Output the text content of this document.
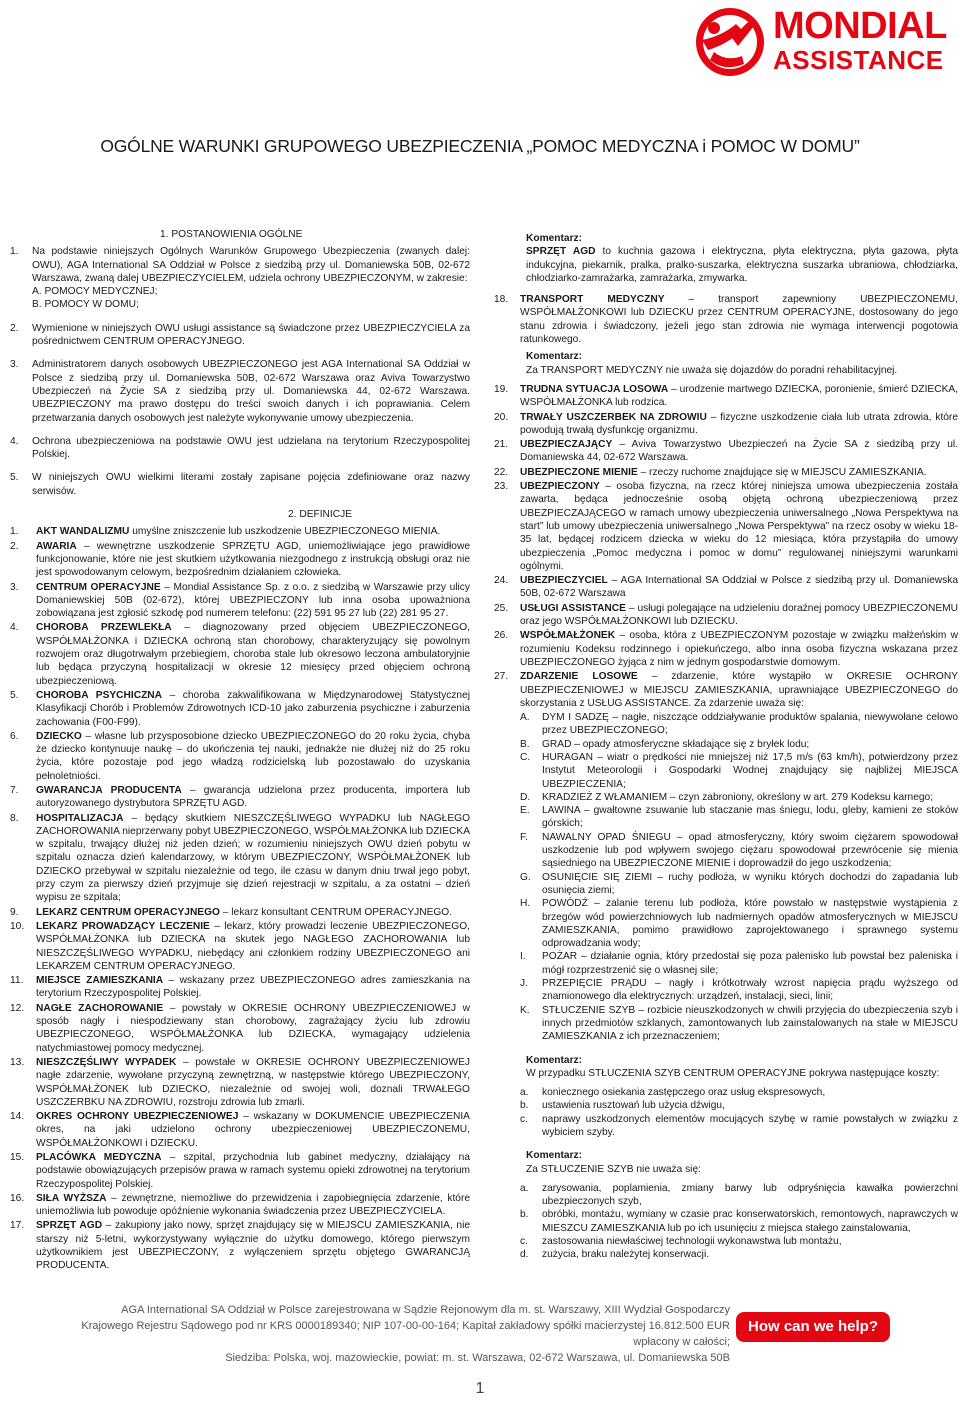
MONDIAL
ASSISTANCE
OGÓLNE WARUNKI GRUPOWEGO UBEZPIECZENIA „POMOC MEDYCZNA i POMOC W DOMU”
1. POSTANOWIENIA OGÓLNE
1.	Na podstawie niniejszych Ogólnych Warunków Grupowego Ubezpieczenia (zwanych dalej: OWU), AGA International SA Oddział w Polsce z siedzibą przy ul. Domaniewska 50B, 02-672 Warszawa, zwaną dalej UBEZPIECZYCIELEM, udziela ochrony UBEZPIECZONYM, w zakresie:
A. POMOCY MEDYCZNEJ;
B. POMOCY W DOMU;
2.	Wymienione w niniejszych OWU usługi assistance są świadczone przez UBEZPIECZYCIELA za pośrednictwem CENTRUM OPERACYJNEGO.
3.	Administratorem danych osobowych UBEZPIECZONEGO jest AGA International SA Oddział w Polsce z siedzibą przy ul. Domaniewska 50B, 02-672 Warszawa oraz Aviva Towarzystwo Ubezpieczeń na Życie SA z siedzibą przy ul. Domaniewska 44, 02-672 Warszawa. UBEZPIECZONY ma prawo dostępu do treści swoich danych i ich poprawiania. Celem przetwarzania danych osobowych jest należyte wykonywanie umowy ubezpieczenia.
4.	Ochrona ubezpieczeniowa na podstawie OWU jest udzielana na terytorium Rzeczypospolitej Polskiej.
5.	W niniejszych OWU wielkimi literami zostały zapisane pojęcia zdefiniowane oraz nazwy serwisów.
2. DEFINICJE
1.	AKT WANDALIZMU umyślne zniszczenie lub uszkodzenie UBEZPIECZONEGO MIENIA.
2.	AWARIA – wewnętrzne uszkodzenie SPRZĘTU AGD, uniemożliwiające jego prawidłowe funkcjonowanie, które nie jest skutkiem użytkowania niezgodnego z instrukcją obsługi oraz nie jest spowodowanym celowym, bezpośrednim działaniem człowieka.
3.	CENTRUM OPERACYJNE – Mondial Assistance Sp. z o.o. z siedzibą w Warszawie przy ulicy Domaniewskiej 50B (02-672), której UBEZPIECZONY lub inna osoba upoważniona zobowiązana jest zgłosić szkodę pod numerem telefonu: (22) 591 95 27 lub (22) 281 95 27.
4.	CHOROBA PRZEWLEKŁA – diagnozowany przed objęciem UBEZPIECZONEGO, WSPÓŁMAŁŻONKA i DZIECKA ochroną stan chorobowy, charakteryzujący się powolnym rozwojem oraz długotrwałym przebiegiem, choroba stale lub okresowo leczona ambulatoryjnie lub będąca przyczyną hospitalizacji w okresie 12 miesięcy przed objęciem ochroną ubezpieczeniową.
5.	CHOROBA PSYCHICZNA – choroba zakwalifikowana w Międzynarodowej Statystycznej Klasyfikacji Chorób i Problemów Zdrowotnych ICD-10 jako zaburzenia psychiczne i zaburzenia zachowania (F00-F99).
6.	DZIECKO – własne lub przysposobione dziecko UBEZPIECZONEGO do 20 roku życia, chyba że dziecko kontynuuje naukę – do ukończenia tej nauki, jednakże nie dłużej niż do 25 roku życia, które pozostaje pod jego władzą rodzicielską lub pozostawało do uzyskania pełnoletniości.
7.	GWARANCJA PRODUCENTA – gwarancja udzielona przez producenta, importera lub autoryzowanego dystrybutora SPRZĘTU AGD.
8.	HOSPITALIZACJA – będący skutkiem NIESZCZĘŚLIWEGO WYPADKU lub NAGŁEGO ZACHOROWANIA nieprzerwany pobyt UBEZPIECZONEGO, WSPÓŁMAŁŻONKA lub DZIECKA w szpitalu, trwający dłużej niż jeden dzień; w rozumieniu niniejszych OWU dzień pobytu w szpitalu oznacza dzień kalendarzowy, w którym UBEZPIECZONY, WSPÓŁMAŁŻONEK lub DZIECKO przebywał w szpitalu niezależnie od tego, ile czasu w danym dniu trwał jego pobyt, przy czym za pierwszy dzień przyjmuje się dzień rejestracji w szpitalu, a za ostatni – dzień wypisu ze szpitala;
9.	LEKARZ CENTRUM OPERACYJNEGO – lekarz konsultant CENTRUM OPERACYJNEGO.
10.	LEKARZ PROWADZĄCY LECZENIE – lekarz, który prowadzi leczenie UBEZPIECZONEGO, WSPÓŁMAŁŻONKA lub DZIECKA na skutek jego NAGŁEGO ZACHOROWANIA lub NIESZCZĘŚLIWEGO WYPADKU, niebędący ani członkiem rodziny UBEZPIECZONEGO ani LEKARZEM CENTRUM OPERACYJNEGO.
11.	MIEJSCE ZAMIESZKANIA – wskazany przez UBEZPIECZONEGO adres zamieszkania na terytorium Rzeczypospolitej Polskiej.
12.	NAGŁE ZACHOROWANIE – powstały w OKRESIE OCHRONY UBEZPIECZENIOWEJ w sposób nagły i niespodziewany stan chorobowy, zagrażający życiu lub zdrowiu UBEZPIECZONEGO, WSPÓŁMAŁŻONKA lub DZIECKA, wymagający udzielenia natychmiastowej pomocy medycznej.
13.	NIESZCZĘŚLIWY WYPADEK – powstałe w OKRESIE OCHRONY UBEZPIECZENIOWEJ nagłe zdarzenie, wywołane przyczyną zewnętrzną, w następstwie którego UBEZPIECZONY, WSPÓŁMAŁŻONEK lub DZIECKO, niezależnie od swojej woli, doznali TRWAŁEGO USZCZERBKU NA ZDROWIU, rozstroju zdrowia lub zmarli.
14.	OKRES OCHRONY UBEZPIECZENIOWEJ – wskazany w DOKUMENCIE UBEZPIECZENIA okres, na jaki udzielono ochrony ubezpieczeniowej UBEZPIECZONEMU, WSPÓŁMAŁŻONKOWI i DZIECKU.
15.	PLACÓWKA MEDYCZNA – szpital, przychodnia lub gabinet medyczny, działający na podstawie obowiązujących przepisów prawa w ramach systemu opieki zdrowotnej na terytorium Rzeczypospolitej Polskiej.
16.	SIŁA WYŻSZA – zewnętrzne, niemożliwe do przewidzenia i zapobiegnięcia zdarzenie, które uniemożliwia lub powoduje opóźnienie wykonania świadczenia przez UBEZPIECZYCIELA.
17.	SPRZĘT AGD – zakupiony jako nowy, sprzęt znajdujący się w MIEJSCU ZAMIESZKANIA, nie starszy niż 5-letni, wykorzystywany wyłącznie do użytku domowego, którego pierwszym użytkownikiem jest UBEZPIECZONY, z wyłączeniem sprzętu objętego GWARANCJĄ PRODUCENTA.
Komentarz:
SPRZĘT AGD to kuchnia gazowa i elektryczna, płyta elektryczna, płyta gazowa, płyta indukcyjna, piekarnik, pralka, pralko-suszarka, elektryczna suszarka ubraniowa, chłodziarka, chłodziarko-zamrażarka, zamrażarka, zmywarka.
18.	TRANSPORT MEDYCZNY – transport zapewniony UBEZPIECZONEMU, WSPÓŁMAŁŻONKOWI lub DZIECKU przez CENTRUM OPERACYJNE, dostosowany do jego stanu zdrowia i świadczony, jeżeli jego stan zdrowia nie wymaga interwencji pogotowia ratunkowego.
Komentarz:
Za TRANSPORT MEDYCZNY nie uważa się dojazdów do poradni rehabilitacyjnej.
19.	TRUDNA SYTUACJA LOSOWA – urodzenie martwego DZIECKA, poronienie, śmierć DZIECKA, WSPÓŁMAŁŻONKA lub rodzica.
20.	TRWAŁY USZCZERBEK NA ZDROWIU – fizyczne uszkodzenie ciała lub utrata zdrowia, które powodują trwałą dysfunkcję organizmu.
21.	UBEZPIECZAJĄCY – Aviva Towarzystwo Ubezpieczeń na Życie SA z siedzibą przy ul. Domaniewska 44, 02-672 Warszawa.
22.	UBEZPIECZONE MIENIE – rzeczy ruchome znajdujące się w MIEJSCU ZAMIESZKANIA.
23.	UBEZPIECZONY – osoba fizyczna, na rzecz której niniejsza umowa ubezpieczenia została zawarta, będąca jednocześnie osobą objętą ochroną ubezpieczeniową przez UBEZPIECZAJĄCEGO w ramach umowy ubezpieczenia uniwersalnego „Nowa Perspektywa na start” lub umowy ubezpieczenia uniwersalnego „Nowa Perspektywa” na rzecz osoby w wieku 18-35 lat, będącej rodzicem dziecka w wieku do 12 miesiąca, która przystąpiła do umowy ubezpieczenia „Pomoc medyczna i pomoc w domu” regulowanej niniejszymi warunkami ogólnymi.
24.	UBEZPIECZYCIEL – AGA International SA Oddział w Polsce z siedzibą przy ul. Domaniewska 50B, 02-672 Warszawa
25.	USŁUGI ASSISTANCE – usługi polegające na udzieleniu doraźnej pomocy UBEZPIECZONEMU oraz jego WSPÓŁMAŁŻONKOWI lub DZIECKU.
26.	WSPÓŁMAŁŻONEK – osoba, która z UBEZPIECZONYM pozostaje w związku małżeńskim w rozumieniu Kodeksu rodzinnego i opiekuńczego, albo inna osoba fizyczna wskazana przez UBEZPIECZONEGO żyjąca z nim w jednym gospodarstwie domowym.
27.	ZDARZENIE LOSOWE – zdarzenie, które wystąpiło w OKRESIE OCHRONY UBEZPIECZENIOWEJ w MIEJSCU ZAMIESZKANIA, uprawniające UBEZPIECZONEGO do skorzystania z USŁUG ASSISTANCE. Za zdarzenie uważa się:
A.	DYM I SADZĘ – nagłe, niszczące oddziaływanie produktów spalania, niewywołane celowo przez UBEZPIECZONEGO;
B.	GRAD – opady atmosferyczne składające się z bryłek lodu;
C.	HURAGAN – wiatr o prędkości nie mniejszej niż 17,5 m/s (63 km/h), potwierdzony przez Instytut Meteorologii i Gospodarki Wodnej znajdujący się najbliżej MIEJSCA UBEZPIECZENIA;
D.	KRADZIEŻ Z WŁAMANIEM – czyn zabroniony, określony w art. 279 Kodeksu karnego;
E.	LAWINA – gwałtowne zsuwanie lub staczanie mas śniegu, lodu, gleby, kamieni ze stoków górskich;
F.	NAWALNY OPAD ŚNIEGU – opad atmosferyczny, który swoim ciężarem spowodował uszkodzenie lub pod wpływem swojego ciężaru spowodował przewrócenie się mienia sąsiedniego na UBEZPIECZONE MIENIE i doprowadził do jego uszkodzenia;
G.	OSUNIĘCIE SIĘ ZIEMI – ruchy podłoża, w wyniku których dochodzi do zapadania lub osunięcia ziemi;
H.	POWÓDŹ – zalanie terenu lub podłoża, które powstało w następstwie wystąpienia z brzegów wód powierzchniowych lub nadmiernych opadów atmosferycznych w MIEJSCU ZAMIESZKANIA, pomimo prawidłowo zaprojektowanego i sprawnego systemu odprowadzania wody;
I.	POŻAR – działanie ognia, który przedostał się poza palenisko lub powstał bez paleniska i mógł rozprzestrzenić się o własnej sile;
J.	PRZEPIĘCIE PRĄDU – nagły i krótkotrwały wzrost napięcia prądu wyższego od znamionowego dla elektrycznych: urządzeń, instalacji, sieci, linii;
K.	STŁUCZENIE SZYB – rozbicie nieuszkodzonych w chwili przyjęcia do ubezpieczenia szyb i innych przedmiotów szklanych, zamontowanych lub zainstalowanych na stałe w MIEJSCU ZAMIESZKANIA z ich przeznaczeniem;
Komentarz:
W przypadku STŁUCZENIA SZYB CENTRUM OPERACYJNE pokrywa następujące koszty:
a.	koniecznego osiekania zastępczego oraz usług ekspresowych,
b.	ustawienia rusztowań lub użycia dźwigu,
c.	naprawy uszkodzonych elementów mocujących szybę w ramie powstałych w związku z wybiciem szyby.
Komentarz:
Za STŁUCZENIE SZYB nie uważa się:
a.	zarysowania, poplamienia, zmiany barwy lub odpryśnięcia kawałka powierzchni ubezpieczonych szyb,
b.	obróbki, montażu, wymiany w czasie prac konserwatorskich, remontowych, naprawczych w MIESZCU ZAMIESZKANIA lub po ich usunięciu z miejsca stałego zainstalowania,
c.	zastosowania niewłaściwej technologii wykonawstwa lub montażu,
d.	zużycia, braku należytej konserwacji.
AGA International SA Oddział w Polsce zarejestrowana w Sądzie Rejonowym dla m. st. Warszawy, XIII Wydział Gospodarczy
Krajowego Rejestru Sądowego pod nr KRS 0000189340; NIP 107-00-00-164; Kapitał zakładowy spółki macierzystej 16.812.500 EUR wpłacony w całości;
Siedziba: Polska, woj. mazowieckie, powiat: m. st. Warszawa, 02-672 Warszawa, ul. Domaniewska 50B
How can we help?
1
